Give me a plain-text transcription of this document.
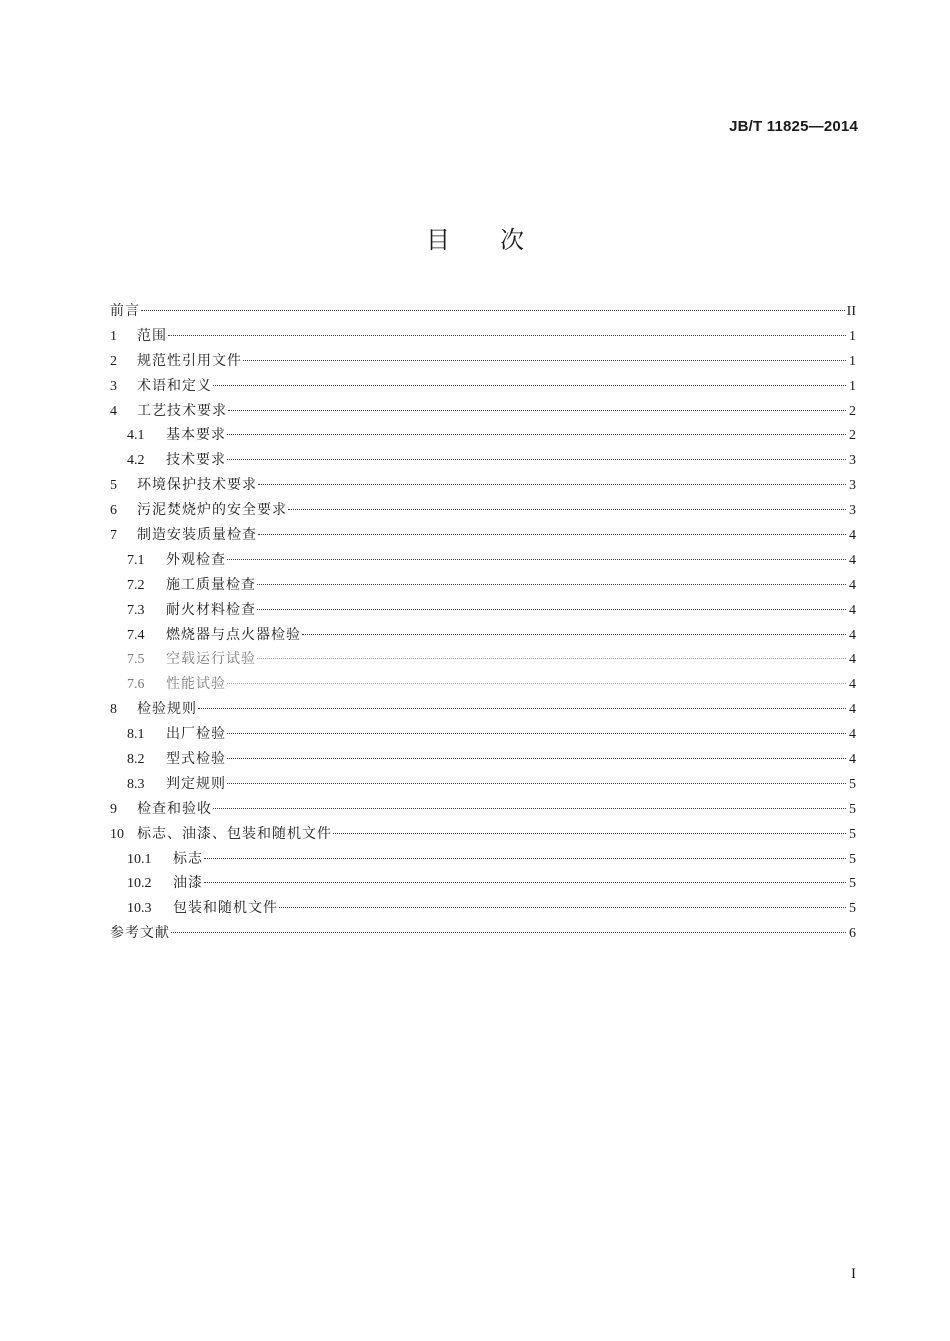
JB/T 11825—2014
目次
前言	II
1	范围	1
2	规范性引用文件	1
3	术语和定义	1
4	工艺技术要求	2
4.1	基本要求	2
4.2	技术要求	3
5	环境保护技术要求	3
6	污泥焚烧炉的安全要求	3
7	制造安装质量检查	4
7.1	外观检查	4
7.2	施工质量检查	4
7.3	耐火材料检查	4
7.4	燃烧器与点火器检验	4
7.5	空载运行试验	4
7.6	性能试验	4
8	检验规则	4
8.1	出厂检验	4
8.2	型式检验	4
8.3	判定规则	5
9	检查和验收	5
10 标志、油漆、包装和随机文件	5
10.1	标志	5
10.2	油漆	5
10.3	包装和随机文件	5
参考文献	6
I
